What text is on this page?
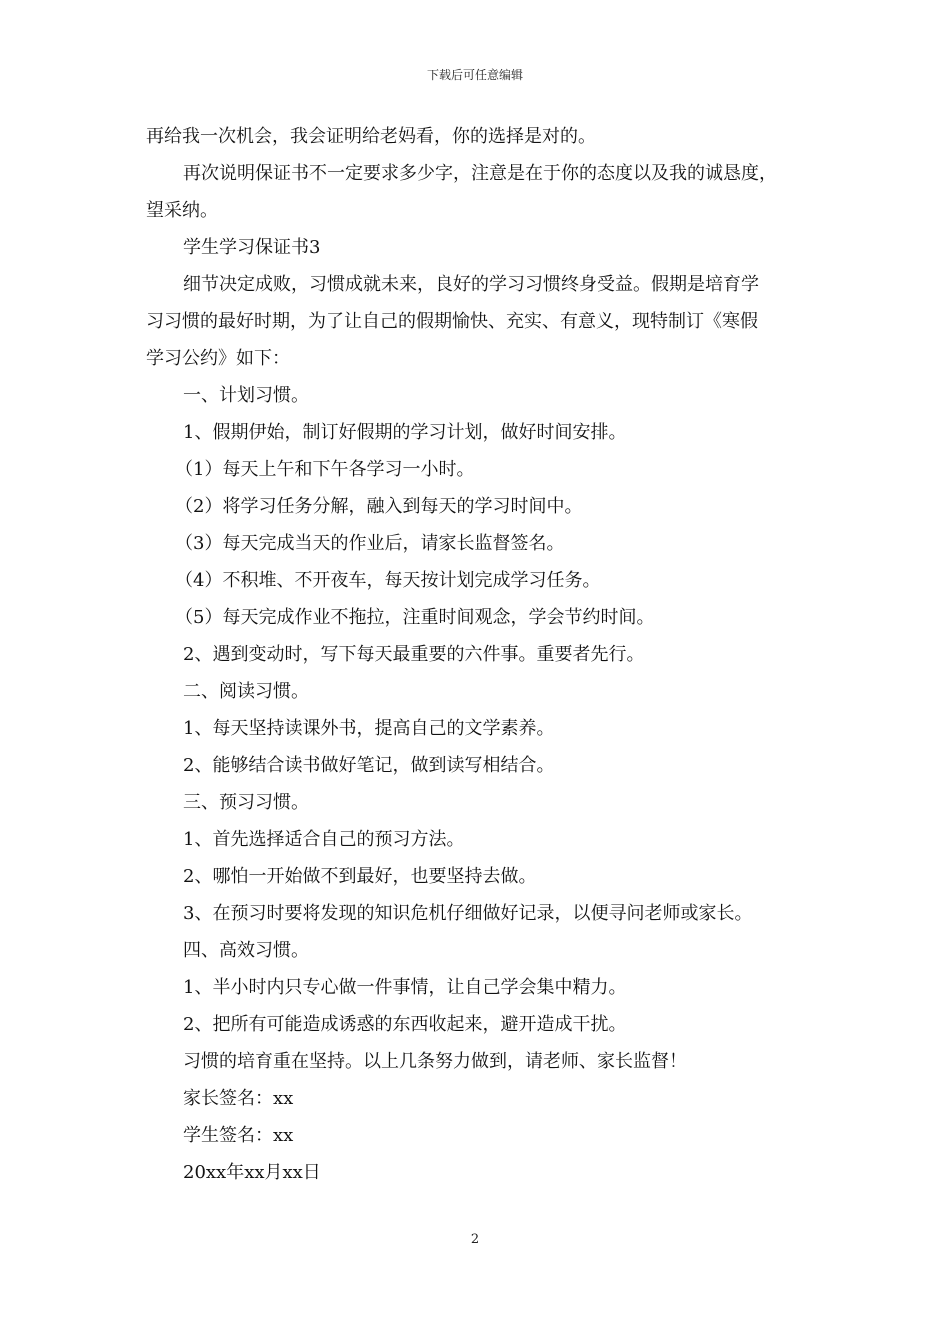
下载后可任意编辑

再给我一次机会，我会证明给老妈看，你的选择是对的。

再次说明保证书不一定要求多少字，注意是在于你的态度以及我的诚恳度，

望采纳。

学生学习保证书3

细节决定成败，习惯成就未来，良好的学习习惯终身受益。假期是培育学

习习惯的最好时期，为了让自己的假期愉快、充实、有意义，现特制订《寒假

学习公约》如下：

一、计划习惯。

1、假期伊始，制订好假期的学习计划，做好时间安排。

（1）每天上午和下午各学习一小时。

（2）将学习任务分解，融入到每天的学习时间中。

（3）每天完成当天的作业后，请家长监督签名。

（4）不积堆、不开夜车，每天按计划完成学习任务。

（5）每天完成作业不拖拉，注重时间观念，学会节约时间。

2、遇到变动时，写下每天最重要的六件事。重要者先行。

二、阅读习惯。

1、每天坚持读课外书，提高自己的文学素养。

2、能够结合读书做好笔记，做到读写相结合。

三、预习习惯。

1、首先选择适合自己的预习方法。

2、哪怕一开始做不到最好，也要坚持去做。

3、在预习时要将发现的知识危机仔细做好记录，以便寻问老师或家长。

四、高效习惯。

1、半小时内只专心做一件事情，让自己学会集中精力。

2、把所有可能造成诱惑的东西收起来，避开造成干扰。

习惯的培育重在坚持。以上几条努力做到，请老师、家长监督！

家长签名：xx

学生签名：xx

20xx年xx月xx日

2
